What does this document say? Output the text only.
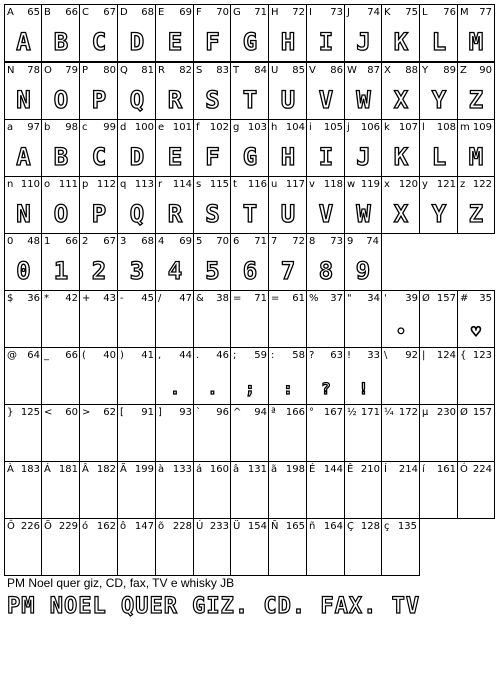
A 65
A
B 66
B
C 67
C
D 68
D
E 69
E
F 70
F
G 71
G
H 72
H
I 73
I
J 74
J
K 75
K
L 76
L
M 77
M
N 78
N
O 79
O
P 80
P
Q 81
Q
R 82
R
S 83
S
T 84
T
U 85
U
V 86
V
W 87
W
X 88
X
Y 89
Y
Z 90
Z
a 97
A
b 98
B
c 99
C
d 100
D
e 101
E
f 102
F
g 103
G
h 104
H
i 105
I
j 106
J
k 107
K
l 108
L
m 109
M
n 110
N
o 111
O
p 112
P
q 113
Q
r 114
R
s 115
S
t 116
T
u 117
U
v 118
V
w 119
W
x 120
X
y 121
Y
z 122
Z
0 48
0
1 66
1
2 67
2
3 68
3
4 69
4
5 70
5
6 71
6
7 72
7
8 73
8
9 74
9
$ 36 * 42 + 43 - 45 / 47 & 38 = 71 = 61 % 37 " 34 ' 39
•
Ø 157 # 35
♡
@ 64 _ 66 ( 40 ) 41 , 44
.
. 46
.
; 59
;
: 58
:
? 63
?
! 33
!
\ 92 | 124 { 123
} 125 < 60 > 62 [ 91 ] 93 ` 96 ^ 94 ª 166 ° 167 ½ 171 ¼ 172 µ 230 Ø 157
À 183 Á 181 Â 182 Ã 199 à 133 á 160 â 131 ã 198 É 144 Ê 210 Í 214 í 161 Ó 224
Ô 226 Õ 229 ó 162 ô 147 õ 228 Ú 233 Ü 154 Ñ 165 ñ 164 Ç 128 ç 135
PM Noel quer giz, CD, fax, TV e whisky JB
PM NOEL QUER GIZ. CD. FAX. TV
